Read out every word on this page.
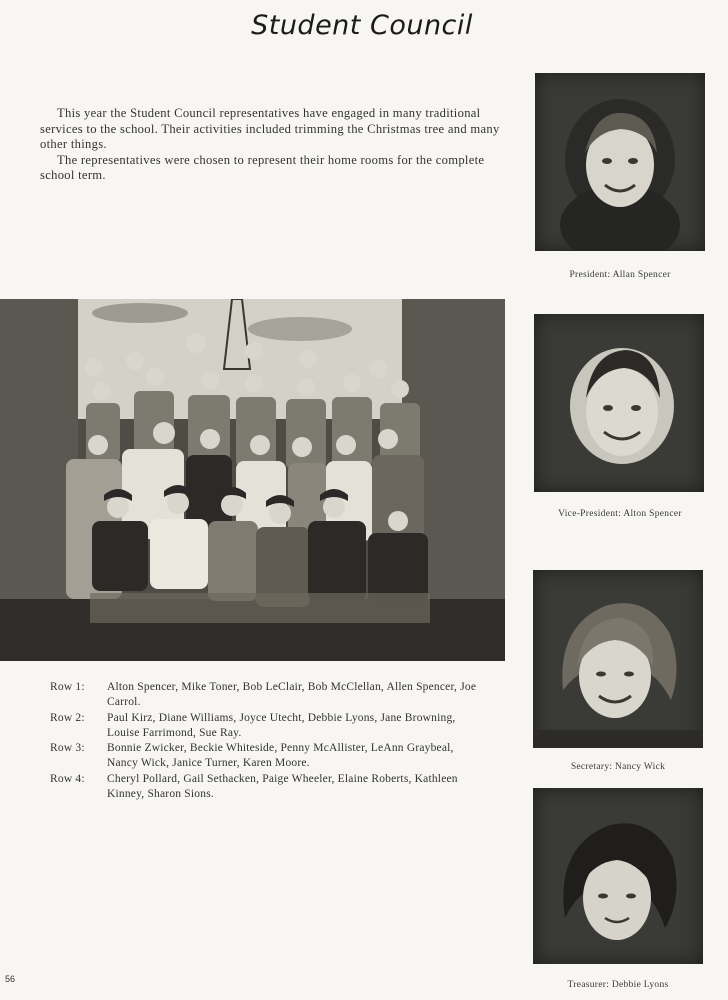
Student Council

This year the Student Council representatives have engaged in many traditional services to the school. Their activities included trimming the Christmas tree and many other things.

The representatives were chosen to represent their home rooms for the complete school term.

President: Allan Spencer
Vice-President: Alton Spencer
Secretary: Nancy Wick
Treasurer: Debbie Lyons
Row 1:	Alton Spencer, Mike Toner, Bob LeClair, Bob McClellan, Allen Spencer, Joe Carrol.
Row 2:	Paul Kirz, Diane Williams, Joyce Utecht, Debbie Lyons, Jane Browning, Louise Farrimond, Sue Ray.
Row 3:	Bonnie Zwicker, Beckie Whiteside, Penny McAllister, LeAnn Graybeal, Nancy Wick, Janice Turner, Karen Moore.
Row 4:	Cheryl Pollard, Gail Sethacken, Paige Wheeler, Elaine Roberts, Kathleen Kinney, Sharon Sions.
56
